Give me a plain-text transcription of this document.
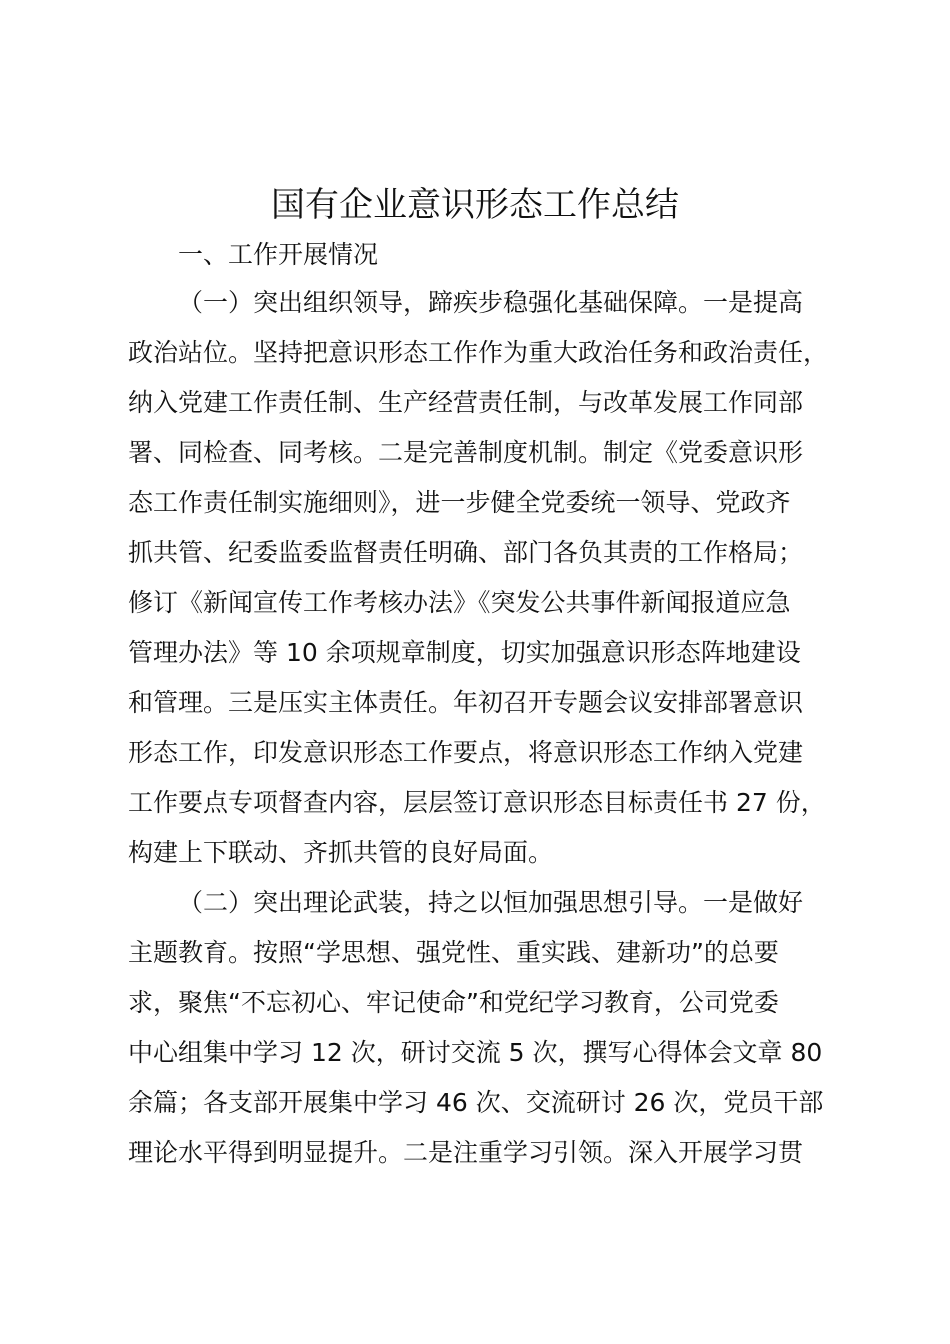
国有企业意识形态工作总结
一、工作开展情况
（一）突出组织领导，蹄疾步稳强化基础保障。一是提高
政治站位。坚持把意识形态工作作为重大政治任务和政治责任，
纳入党建工作责任制、生产经营责任制，与改革发展工作同部
署、同检查、同考核。二是完善制度机制。制定《党委意识形
态工作责任制实施细则》，进一步健全党委统一领导、党政齐
抓共管、纪委监委监督责任明确、部门各负其责的工作格局；
修订《新闻宣传工作考核办法》《突发公共事件新闻报道应急
管理办法》等 10 余项规章制度，切实加强意识形态阵地建设
和管理。三是压实主体责任。年初召开专题会议安排部署意识
形态工作，印发意识形态工作要点，将意识形态工作纳入党建
工作要点专项督查内容，层层签订意识形态目标责任书 27 份，
构建上下联动、齐抓共管的良好局面。
（二）突出理论武装，持之以恒加强思想引导。一是做好
主题教育。按照“学思想、强党性、重实践、建新功”的总要
求，聚焦“不忘初心、牢记使命”和党纪学习教育，公司党委
中心组集中学习 12 次，研讨交流 5 次，撰写心得体会文章 80
余篇；各支部开展集中学习 46 次、交流研讨 26 次，党员干部
理论水平得到明显提升。二是注重学习引领。深入开展学习贯
